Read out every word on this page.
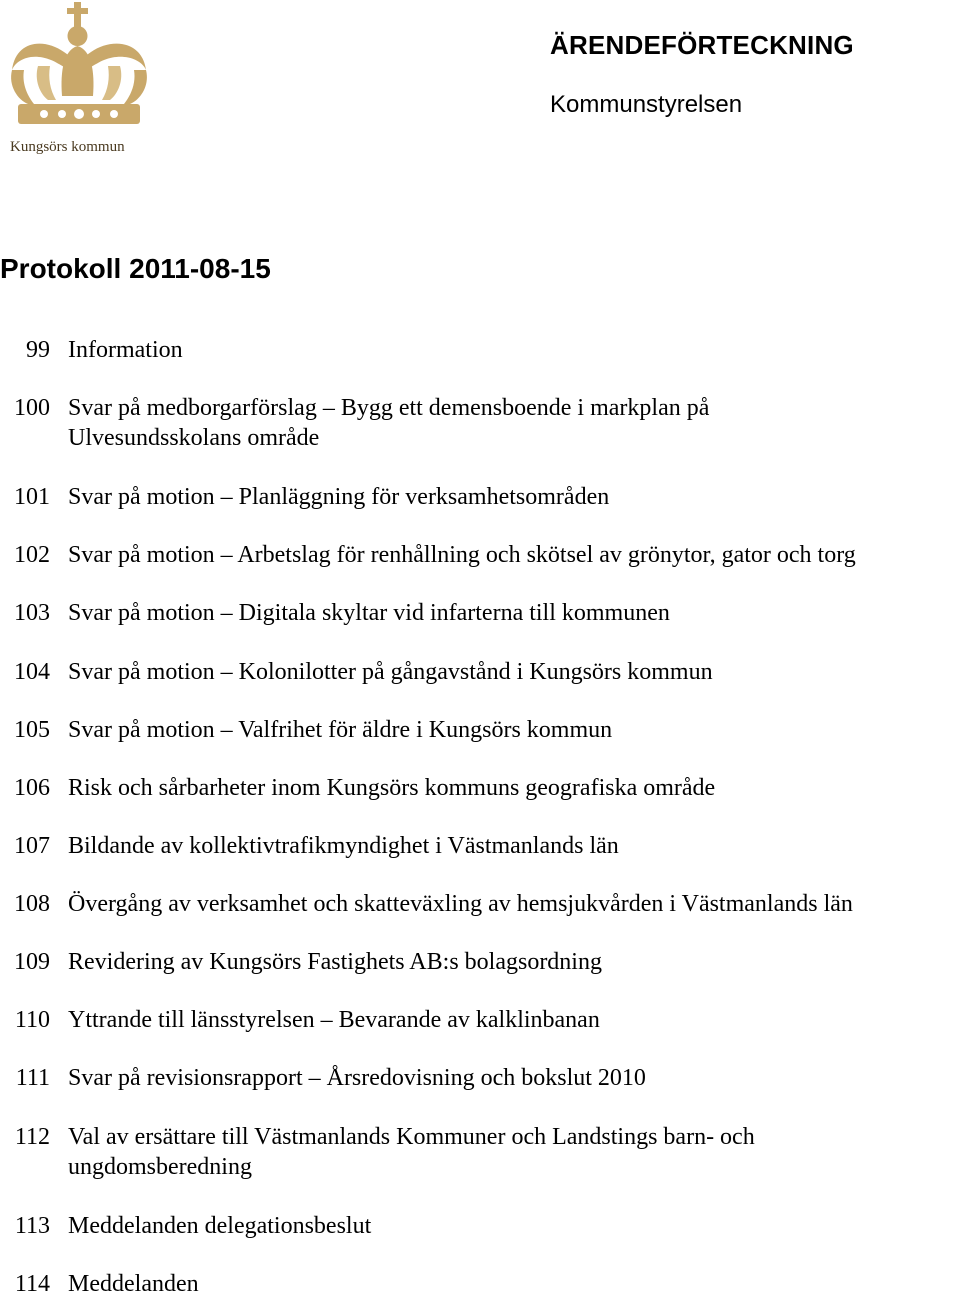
Kungsörs kommun
ÄRENDEFÖRTECKNING
Kommunstyrelsen
Protokoll 2011-08-15
99 Information
100 Svar på medborgarförslag – Bygg ett demensboende i markplan på
Ulvesundsskolans område
101 Svar på motion – Planläggning för verksamhetsområden
102 Svar på motion – Arbetslag för renhållning och skötsel av grönytor, gator och torg
103 Svar på motion – Digitala skyltar vid infarterna till kommunen
104 Svar på motion – Kolonilotter på gångavstånd i Kungsörs kommun
105 Svar på motion – Valfrihet för äldre i Kungsörs kommun
106 Risk och sårbarheter inom Kungsörs kommuns geografiska område
107 Bildande av kollektivtrafikmyndighet i Västmanlands län
108 Övergång av verksamhet och skatteväxling av hemsjukvården i Västmanlands län
109 Revidering av Kungsörs Fastighets AB:s bolagsordning
110 Yttrande till länsstyrelsen – Bevarande av kalklinbanan
111 Svar på revisionsrapport – Årsredovisning och bokslut 2010
112 Val av ersättare till Västmanlands Kommuner och Landstings barn- och
ungdomsberedning
113 Meddelanden delegationsbeslut
114 Meddelanden
